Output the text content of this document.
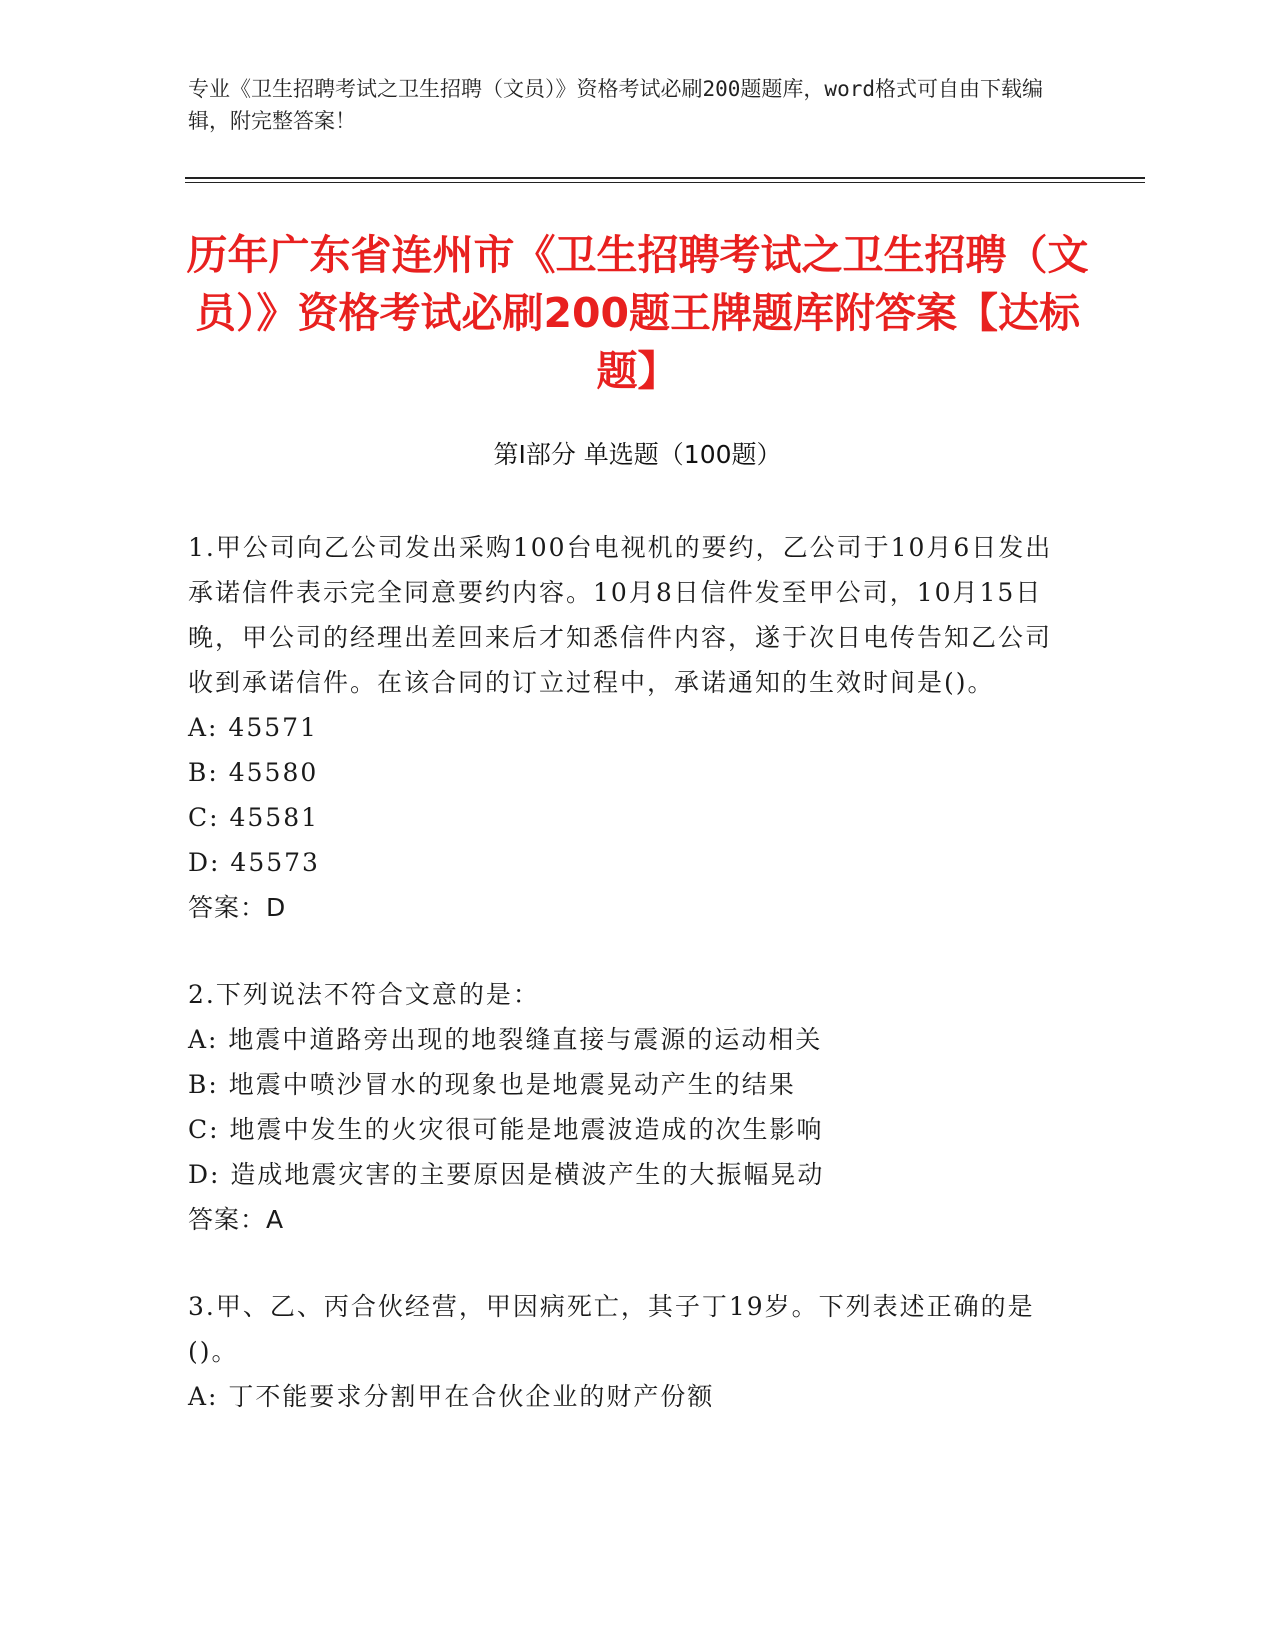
专业《卫生招聘考试之卫生招聘（文员）》资格考试必刷200题题库，word格式可自由下载编辑，附完整答案！
历年广东省连州市《卫生招聘考试之卫生招聘（文员）》资格考试必刷200题王牌题库附答案【达标题】
第Ⅰ部分 单选题（100题）

1.甲公司向乙公司发出采购100台电视机的要约，乙公司于10月6日发出承诺信件表示完全同意要约内容。10月8日信件发至甲公司，10月15日晚，甲公司的经理出差回来后才知悉信件内容，遂于次日电传告知乙公司收到承诺信件。在该合同的订立过程中，承诺通知的生效时间是()。

A: 45571

B: 45580

C: 45581

D: 45573

答案：D

2.下列说法不符合文意的是：

A: 地震中道路旁出现的地裂缝直接与震源的运动相关

B: 地震中喷沙冒水的现象也是地震晃动产生的结果

C: 地震中发生的火灾很可能是地震波造成的次生影响

D: 造成地震灾害的主要原因是横波产生的大振幅晃动

答案：A

3.甲、乙、丙合伙经营，甲因病死亡，其子丁19岁。下列表述正确的是()。

A: 丁不能要求分割甲在合伙企业的财产份额
